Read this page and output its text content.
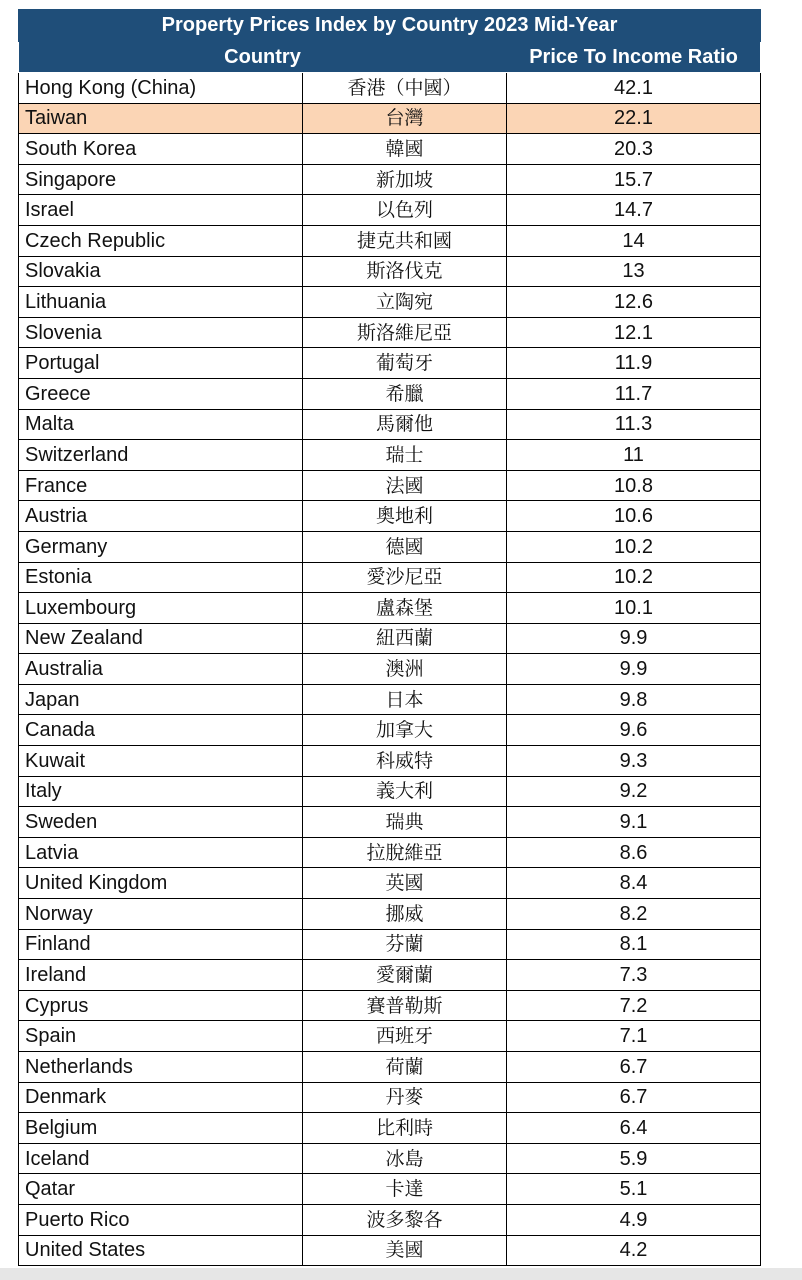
Property Prices Index by Country 2023 Mid-Year		
Country		Price To Income Ratio
Hong Kong (China)	香港（中國）	42.1
Taiwan	台灣	22.1
South Korea	韓國	20.3
Singapore	新加坡	15.7
Israel	以色列	14.7
Czech Republic	捷克共和國	14
Slovakia	斯洛伐克	13
Lithuania	立陶宛	12.6
Slovenia	斯洛維尼亞	12.1
Portugal	葡萄牙	11.9
Greece	希臘	11.7
Malta	馬爾他	11.3
Switzerland	瑞士	11
France	法國	10.8
Austria	奧地利	10.6
Germany	德國	10.2
Estonia	愛沙尼亞	10.2
Luxembourg	盧森堡	10.1
New Zealand	紐西蘭	9.9
Australia	澳洲	9.9
Japan	日本	9.8
Canada	加拿大	9.6
Kuwait	科威特	9.3
Italy	義大利	9.2
Sweden	瑞典	9.1
Latvia	拉脫維亞	8.6
United Kingdom	英國	8.4
Norway	挪威	8.2
Finland	芬蘭	8.1
Ireland	愛爾蘭	7.3
Cyprus	賽普勒斯	7.2
Spain	西班牙	7.1
Netherlands	荷蘭	6.7
Denmark	丹麥	6.7
Belgium	比利時	6.4
Iceland	冰島	5.9
Qatar	卡達	5.1
Puerto Rico	波多黎各	4.9
United States	美國	4.2
